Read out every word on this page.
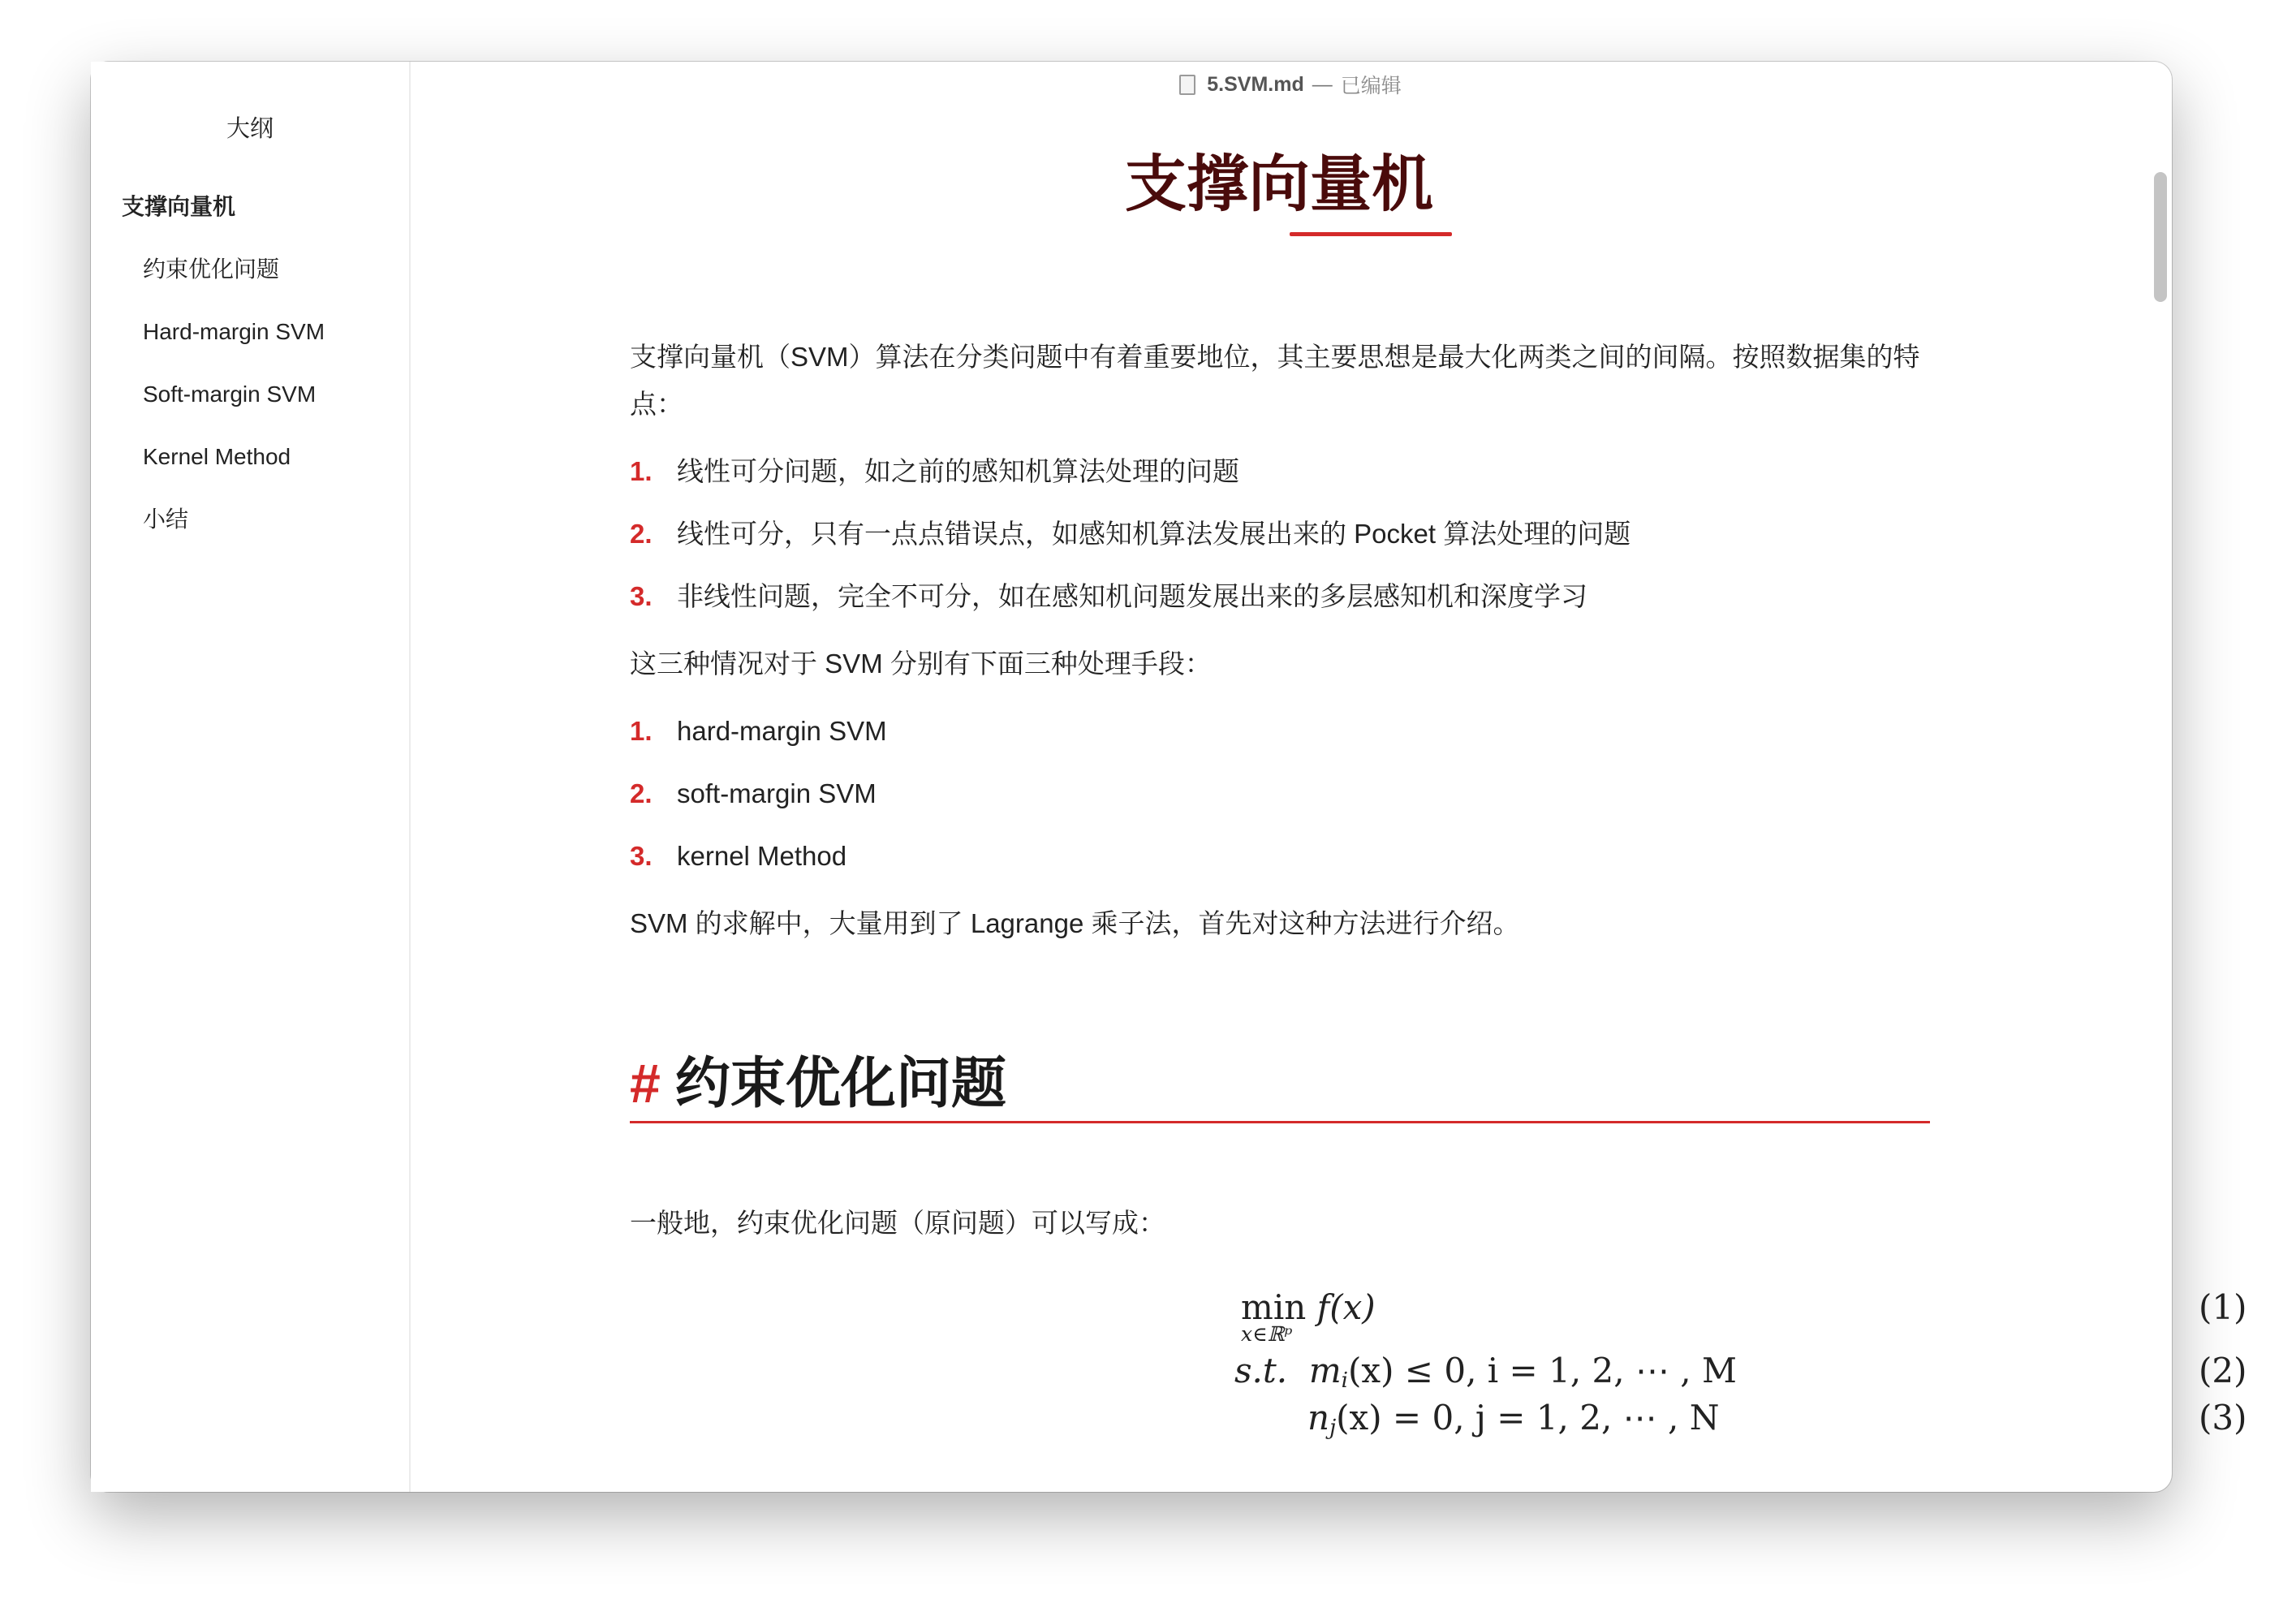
5.SVM.md — 已编辑
大纲
支撑向量机
约束优化问题
Hard-margin SVM
Soft-margin SVM
Kernel Method
小结
支撑向量机

支撑向量机（SVM）算法在分类问题中有着重要地位，其主要思想是最大化两类之间的间隔。按照数据集的特点：

1. 线性可分问题，如之前的感知机算法处理的问题
2. 线性可分，只有一点点错误点，如感知机算法发展出来的 Pocket 算法处理的问题
3. 非线性问题，完全不可分，如在感知机问题发展出来的多层感知机和深度学习

这三种情况对于 SVM 分别有下面三种处理手段：

1. hard-margin SVM
2. soft-margin SVM
3. kernel Method

SVM 的求解中，大量用到了 Lagrange 乘子法，首先对这种方法进行介绍。

# 约束优化问题

一般地，约束优化问题（原问题）可以写成：

min
x∈ℝᵖ
f(x)	(1)
s.t. mi(x) ≤ 0, i = 1, 2, ⋯ , M	(2)
nj(x) = 0, j = 1, 2, ⋯ , N	(3)
